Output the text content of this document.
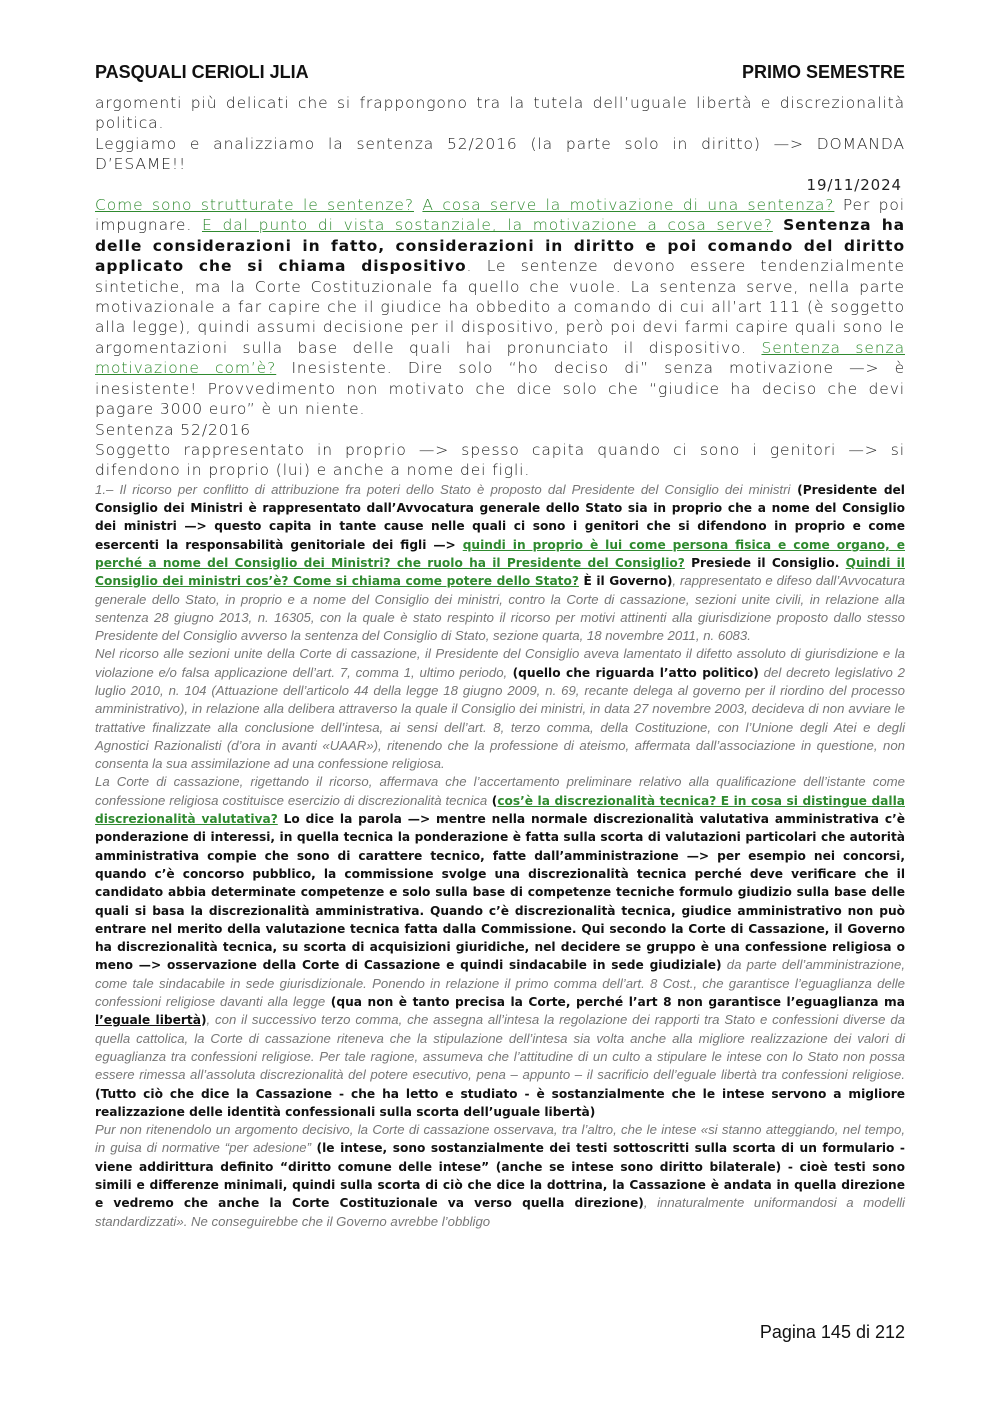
PASQUALI CERIOLI JLIA	PRIMO SEMESTRE

argomenti più delicati che si frappongono tra la tutela dell’uguale libertà e discrezionalità politica.

Leggiamo e analizziamo la sentenza 52/2016 (la parte solo in diritto) —> DOMANDA D’ESAME!!

19/11/2024

Come sono strutturate le sentenze? A cosa serve la motivazione di una sentenza? Per poi impugnare. E dal punto di vista sostanziale, la motivazione a cosa serve? Sentenza ha delle considerazioni in fatto, considerazioni in diritto e poi comando del diritto applicato che si chiama dispositivo. Le sentenze devono essere tendenzialmente sintetiche, ma la Corte Costituzionale fa quello che vuole. La sentenza serve, nella parte motivazionale a far capire che il giudice ha obbedito a comando di cui all’art 111 (è soggetto alla legge), quindi assumi decisione per il dispositivo, però poi devi farmi capire quali sono le argomentazioni sulla base delle quali hai pronunciato il dispositivo. Sentenza senza motivazione com’è? Inesistente. Dire solo “ho deciso di” senza motivazione —> è inesistente! Provvedimento non motivato che dice solo che “giudice ha deciso che devi pagare 3000 euro” è un niente.

Sentenza 52/2016

Soggetto rappresentato in proprio —> spesso capita quando ci sono i genitori —> si difendono in proprio (lui) e anche a nome dei figli.

1.– Il ricorso per conflitto di attribuzione fra poteri dello Stato è proposto dal Presidente del Consiglio dei ministri (Presidente del Consiglio dei Ministri è rappresentato dall’Avvocatura generale dello Stato sia in proprio che a nome del Consiglio dei ministri —> questo capita in tante cause nelle quali ci sono i genitori che si difendono in proprio e come esercenti la responsabilità genitoriale dei figli —> quindi in proprio è lui come persona fisica e come organo, e perché a nome del Consiglio dei Ministri? che ruolo ha il Presidente del Consiglio? Presiede il Consiglio. Quindi il Consiglio dei ministri cos’è? Come si chiama come potere dello Stato? È il Governo), rappresentato e difeso dall’Avvocatura generale dello Stato, in proprio e a nome del Consiglio dei ministri, contro la Corte di cassazione, sezioni unite civili, in relazione alla sentenza 28 giugno 2013, n. 16305, con la quale è stato respinto il ricorso per motivi attinenti alla giurisdizione proposto dallo stesso Presidente del Consiglio avverso la sentenza del Consiglio di Stato, sezione quarta, 18 novembre 2011, n. 6083.

Nel ricorso alle sezioni unite della Corte di cassazione, il Presidente del Consiglio aveva lamentato il difetto assoluto di giurisdizione e la violazione e/o falsa applicazione dell’art. 7, comma 1, ultimo periodo, (quello che riguarda l’atto politico) del decreto legislativo 2 luglio 2010, n. 104 (Attuazione dell’articolo 44 della legge 18 giugno 2009, n. 69, recante delega al governo per il riordino del processo amministrativo), in relazione alla delibera attraverso la quale il Consiglio dei ministri, in data 27 novembre 2003, decideva di non avviare le trattative finalizzate alla conclusione dell’intesa, ai sensi dell’art. 8, terzo comma, della Costituzione, con l’Unione degli Atei e degli Agnostici Razionalisti (d’ora in avanti «UAAR»), ritenendo che la professione di ateismo, affermata dall’associazione in questione, non consenta la sua assimilazione ad una confessione religiosa.

La Corte di cassazione, rigettando il ricorso, affermava che l’accertamento preliminare relativo alla qualificazione dell’istante come confessione religiosa costituisce esercizio di discrezionalità tecnica (cos’è la discrezionalità tecnica? E in cosa si distingue dalla discrezionalità valutativa? Lo dice la parola —> mentre nella normale discrezionalità valutativa amministrativa c’è ponderazione di interessi, in quella tecnica la ponderazione è fatta sulla scorta di valutazioni particolari che autorità amministrativa compie che sono di carattere tecnico, fatte dall’amministrazione —> per esempio nei concorsi, quando c’è concorso pubblico, la commissione svolge una discrezionalità tecnica perché deve verificare che il candidato abbia determinate competenze e solo sulla base di competenze tecniche formulo giudizio sulla base delle quali si basa la discrezionalità amministrativa. Quando c’è discrezionalità tecnica, giudice amministrativo non può entrare nel merito della valutazione tecnica fatta dalla Commissione. Qui secondo la Corte di Cassazione, il Governo ha discrezionalità tecnica, su scorta di acquisizioni giuridiche, nel decidere se gruppo è una confessione religiosa o meno —> osservazione della Corte di Cassazione e quindi sindacabile in sede giudiziale) da parte dell’amministrazione, come tale sindacabile in sede giurisdizionale. Ponendo in relazione il primo comma dell’art. 8 Cost., che garantisce l’eguaglianza delle confessioni religiose davanti alla legge (qua non è tanto precisa la Corte, perché l’art 8 non garantisce l’eguaglianza ma l’eguale libertà), con il successivo terzo comma, che assegna all’intesa la regolazione dei rapporti tra Stato e confessioni diverse da quella cattolica, la Corte di cassazione riteneva che la stipulazione dell’intesa sia volta anche alla migliore realizzazione dei valori di eguaglianza tra confessioni religiose. Per tale ragione, assumeva che l’attitudine di un culto a stipulare le intese con lo Stato non possa essere rimessa all’assoluta discrezionalità del potere esecutivo, pena – appunto – il sacrificio dell’eguale libertà tra confessioni religiose. (Tutto ciò che dice la Cassazione - che ha letto e studiato - è sostanzialmente che le intese servono a migliore realizzazione delle identità confessionali sulla scorta dell’uguale libertà)

Pur non ritenendolo un argomento decisivo, la Corte di cassazione osservava, tra l’altro, che le intese «si stanno atteggiando, nel tempo, in guisa di normative “per adesione” (le intese, sono sostanzialmente dei testi sottoscritti sulla scorta di un formulario - viene addirittura definito “diritto comune delle intese” (anche se intese sono diritto bilaterale) - cioè testi sono simili e differenze minimali, quindi sulla scorta di ciò che dice la dottrina, la Cassazione è andata in quella direzione e vedremo che anche la Corte Costituzionale va verso quella direzione), innaturalmente uniformandosi a modelli standardizzati». Ne conseguirebbe che il Governo avrebbe l’obbligo

Pagina 145 di 212
